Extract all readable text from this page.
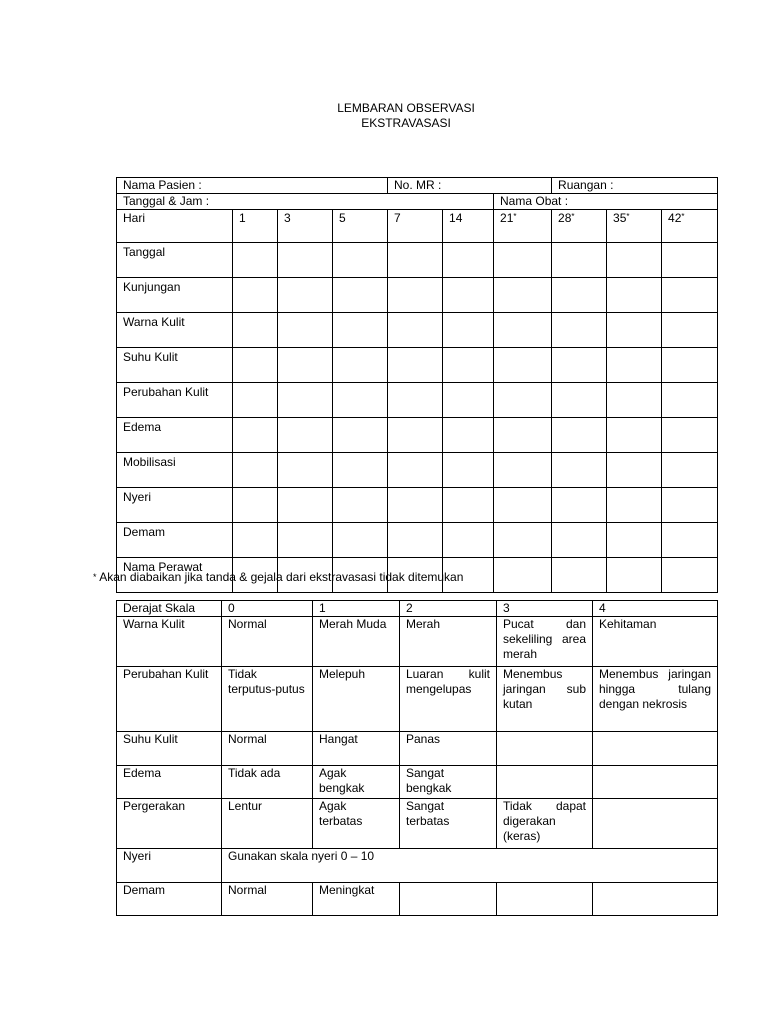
LEMBARAN OBSERVASI
EKSTRAVASASI
Nama Pasien :				No. MR :			Ruangan :		
Tanggal & Jam :						Nama Obat :			
Hari	1	3	5	7	14	21*	28*	35*	42*
Tanggal									
Kunjungan									
Warna Kulit									
Suhu Kulit									
Perubahan Kulit									
Edema									
Mobilisasi									
Nyeri									
Demam									
Nama Perawat									
* Akan diabaikan jika tanda & gejala dari ekstravasasi tidak ditemukan
Derajat Skala	0	1	2	3	4
Warna Kulit	Normal	Merah Muda	Merah	Pucat dan sekeliling area merah	Kehitaman
Perubahan Kulit	Tidak terputus-putus	Melepuh	Luaran kulit mengelupas	Menembus jaringan sub kutan	Menembus jaringan hingga tulang dengan nekrosis
Suhu Kulit	Normal	Hangat	Panas		
Edema	Tidak ada	Agak bengkak	Sangat bengkak		
Pergerakan	Lentur	Agak terbatas	Sangat terbatas	Tidak dapat digerakan (keras)	
Nyeri	Gunakan skala nyeri 0 – 10				
Demam	Normal	Meningkat			
